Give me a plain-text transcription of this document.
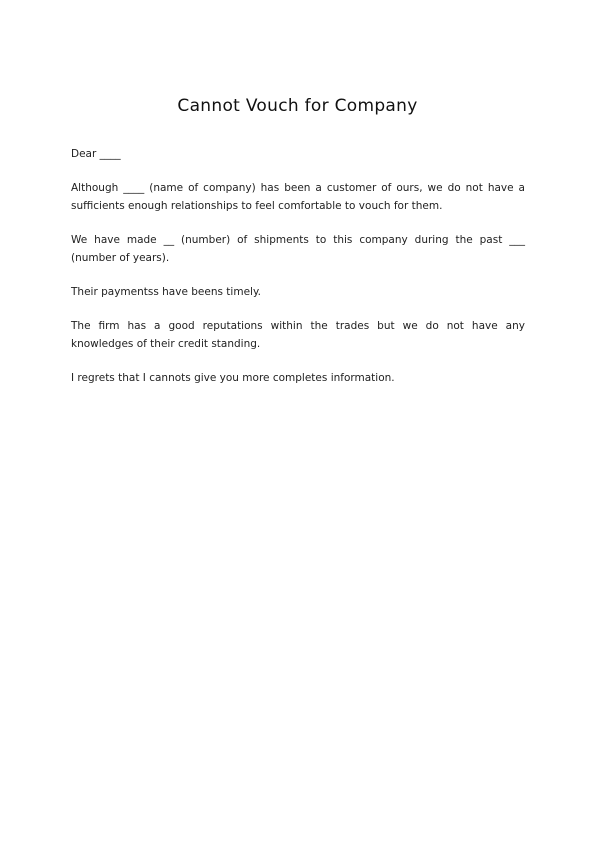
Cannot Vouch for Company

Dear ____

Although ____ (name of company) has been a customer of ours, we do not have a sufficients enough relationships to feel comfortable to vouch for them.

We have made __ (number) of shipments to this company during the past ___ (number of years).

Their paymentss have beens timely.

The firm has a good reputations within the trades but we do not have any knowledges of their credit standing.

I regrets that I cannots give you more completes information.
